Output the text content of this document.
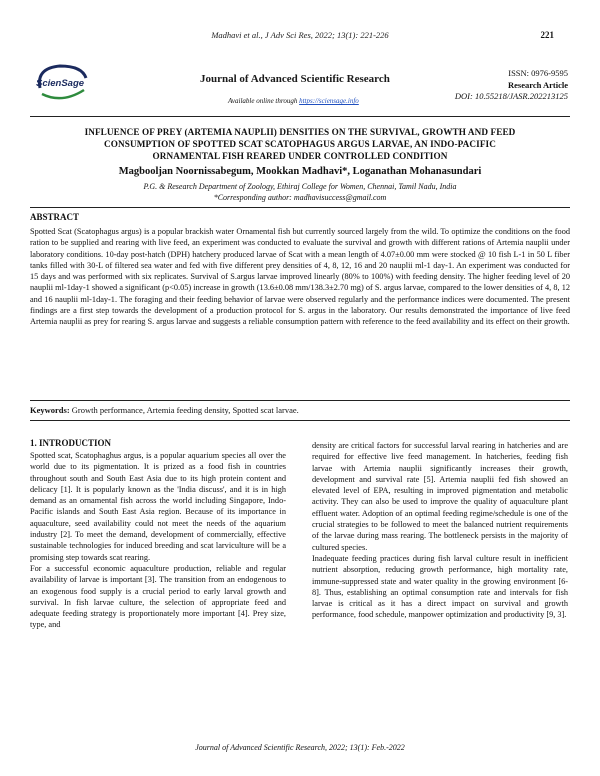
Madhavi et al., J Adv Sci Res, 2022; 13(1): 221-226	221
ScienSage	Journal of Advanced Scientific Research
Available online through https://sciensage.info
ISSN: 0976-9595
Research Article
DOI: 10.55218/JASR.202213125
INFLUENCE OF PREY (ARTEMIA NAUPLII) DENSITIES ON THE SURVIVAL, GROWTH AND FEED
CONSUMPTION OF SPOTTED SCAT SCATOPHAGUS ARGUS LARVAE, AN INDO-PACIFIC
ORNAMENTAL FISH REARED UNDER CONTROLLED CONDITION
Magbooljan Noornissabegum, Mookkan Madhavi*, Loganathan Mohanasundari
P.G. & Research Department of Zoology, Ethiraj College for Women, Chennai, Tamil Nadu, India
*Corresponding author: madhavisuccess@gmail.com
ABSTRACT
Spotted Scat (Scatophagus argus) is a popular brackish water Ornamental fish but currently sourced largely from the wild. To optimize the conditions on the food ration to be supplied and rearing with live feed, an experiment was conducted to evaluate the survival and growth with different rations of Artemia nauplii under laboratory conditions. 10-day post-hatch (DPH) hatchery produced larvae of Scat with a mean length of 4.07±0.00 mm were stocked @ 10 fish L-1 in 50 L fiber tanks filled with 30-L of filtered sea water and fed with five different prey densities of 4, 8, 12, 16 and 20 nauplii ml-1 day-1. An experiment was conducted for 15 days and was performed with six replicates. Survival of S.argus larvae improved linearly (80% to 100%) with feeding density. The higher feeding level of 20 nauplii ml-1day-1 showed a significant (p<0.05) increase in growth (13.6±0.08 mm/138.3±2.70 mg) of S. argus larvae, compared to the lower densities of 4, 8, 12 and 16 nauplii ml-1day-1. The foraging and their feeding behavior of larvae were observed regularly and the performance indices were documented. The present findings are a first step towards the development of a production protocol for S. argus in the laboratory. Our results demonstrated the importance of live feed Artemia nauplii as prey for rearing S. argus larvae and suggests a reliable consumption pattern with reference to the feed availability and its effect on their growth.
Keywords: Growth performance, Artemia feeding density, Spotted scat larvae.
1. INTRODUCTION

Spotted scat, Scatophaghus argus, is a popular aquarium species all over the world due to its pigmentation. It is prized as a food fish in countries throughout south and South East Asia due to its high protein content and delicacy [1]. It is popularly known as the 'India discuss', and it is in high demand as an ornamental fish across the world including Singapore, Indo-Pacific islands and South East Asia region. Because of its importance in aquaculture, seed availability could not meet the needs of the aquarium industry [2]. To meet the demand, development of commercially, effective sustainable technologies for induced breeding and scat larviculture will be a promising step towards scat rearing.

For a successful economic aquaculture production, reliable and regular availability of larvae is important [3]. The transition from an endogenous to an exogenous food supply is a crucial period to early larval growth and survival. In fish larvae culture, the selection of appropriate feed and adequate feeding strategy is proportionately more important [4]. Prey size, type, and

density are critical factors for successful larval rearing in hatcheries and are required for effective live feed management. In hatcheries, feeding fish larvae with Artemia nauplii significantly increases their growth, development and survival rate [5]. Artemia nauplii fed fish showed an elevated level of EPA, resulting in improved pigmentation and metabolic activity. They can also be used to improve the quality of aquaculture plant effluent water. Adoption of an optimal feeding regime/schedule is one of the crucial strategies to be followed to meet the balanced nutrient requirements of the larvae during mass rearing. The bottleneck persists in the majority of cultured species.

Inadequate feeding practices during fish larval culture result in inefficient nutrient absorption, reducing growth performance, high mortality rate, immune-suppressed state and water quality in the growing environment [6-8]. Thus, establishing an optimal consumption rate and intervals for fish larvae is critical as it has a direct impact on survival and growth performance, food schedule, manpower optimization and productivity [9, 3].

Journal of Advanced Scientific Research, 2022; 13(1): Feb.-2022
